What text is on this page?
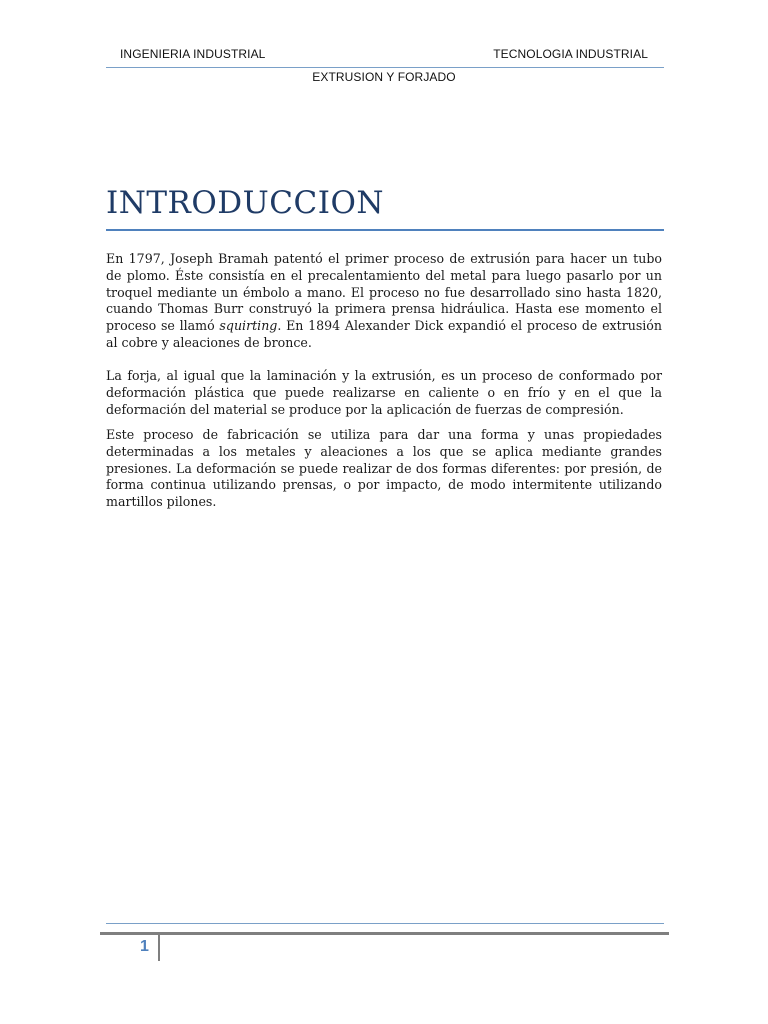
INGENIERIA INDUSTRIAL	TECNOLOGIA INDUSTRIAL
EXTRUSION Y FORJADO
INTRODUCCION
En 1797, Joseph Bramah patentó el primer proceso de extrusión para hacer un tubo de plomo. Éste consistía en el precalentamiento del metal para luego pasarlo por un troquel mediante un émbolo a mano. El proceso no fue desarrollado sino hasta 1820, cuando Thomas Burr construyó la primera prensa hidráulica. Hasta ese momento el proceso se llamó squirting. En 1894 Alexander Dick expandió el proceso de extrusión al cobre y aleaciones de bronce.
La forja, al igual que la laminación y la extrusión, es un proceso de conformado por deformación plástica que puede realizarse en caliente o en frío y en el que la deformación del material se produce por la aplicación de fuerzas de compresión.
Este proceso de fabricación se utiliza para dar una forma y unas propiedades determinadas a los metales y aleaciones a los que se aplica mediante grandes presiones. La deformación se puede realizar de dos formas diferentes: por presión, de forma continua utilizando prensas, o por impacto, de modo intermitente utilizando martillos pilones.
1
